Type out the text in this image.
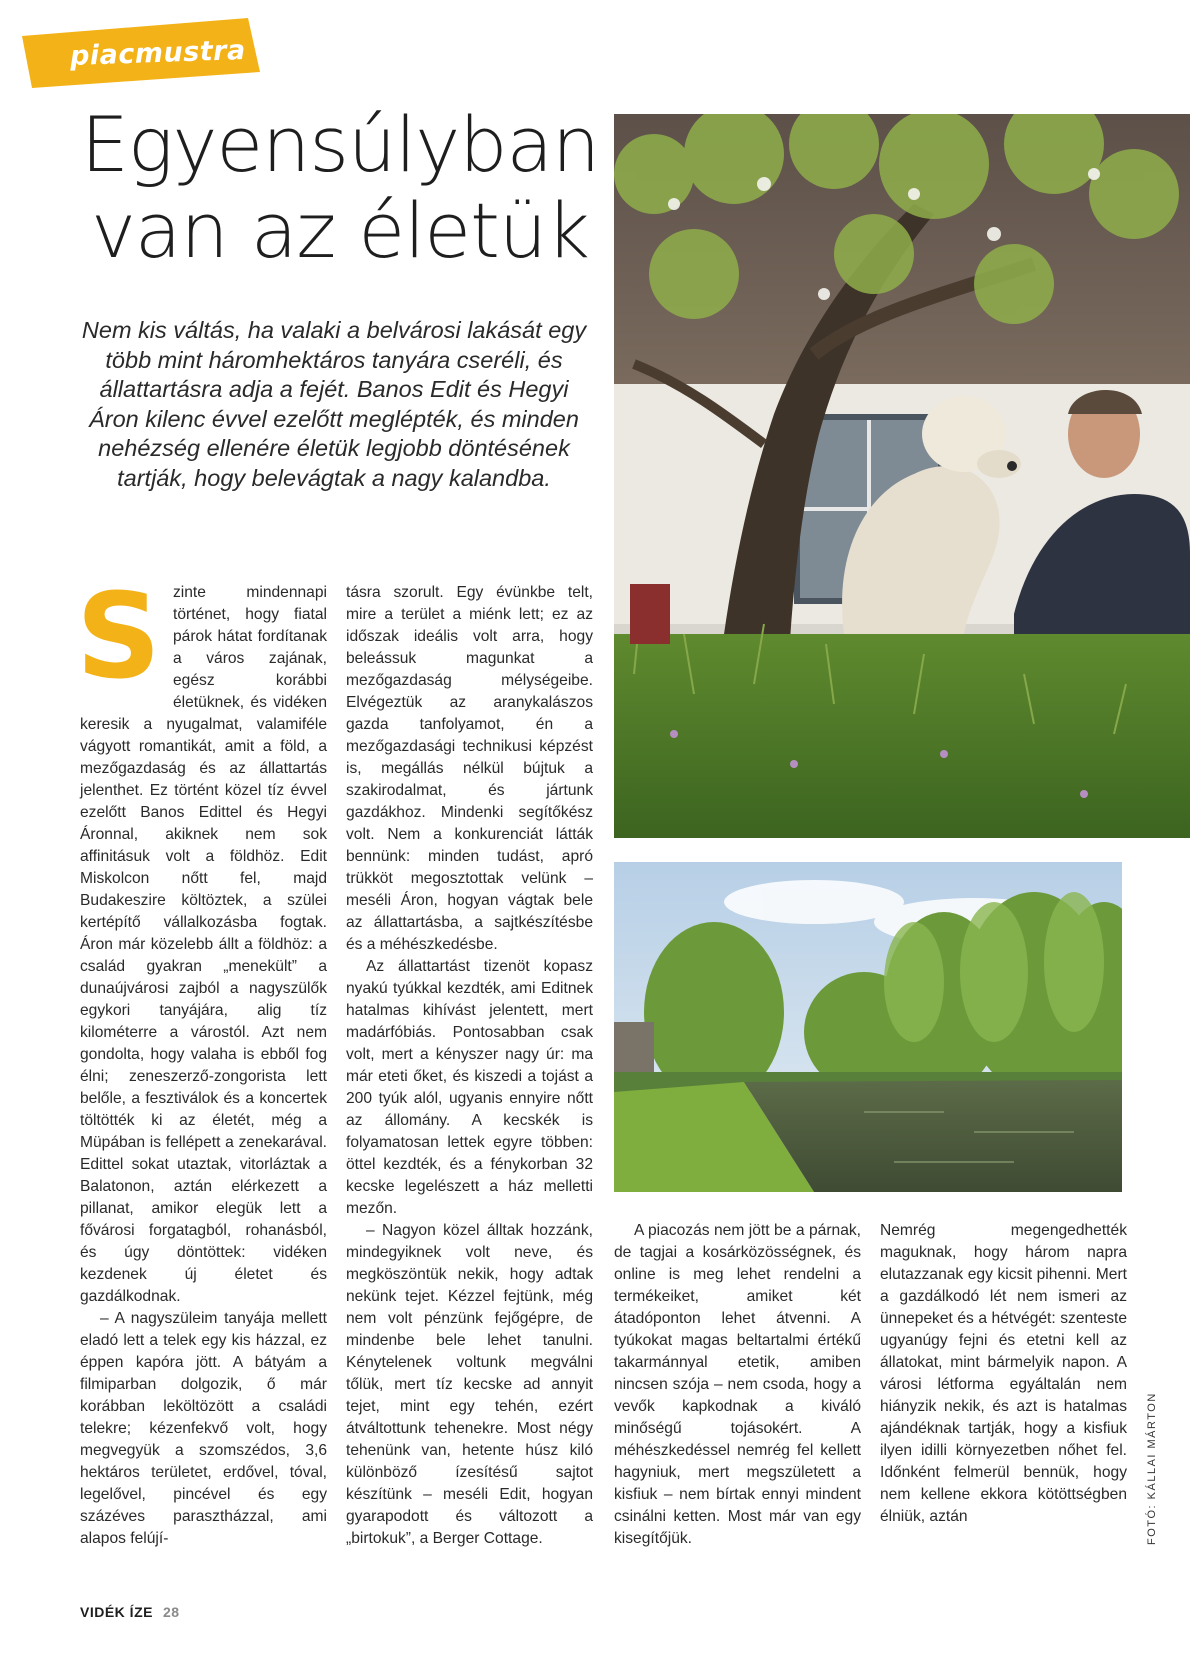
piacmustra
Egyensúlyban
van az életük

Nem kis váltás, ha valaki a belvárosi lakását egy több mint háromhektáros tanyára cseréli, és állattartásra adja a fejét. Banos Edit és Hegyi Áron kilenc évvel ezelőtt meglépték, és minden nehézség ellenére életük legjobb döntésének tartják, hogy belevágtak a nagy kalandba.

S zinte mindennapi történet, hogy fiatal párok hátat fordítanak a város zajának, egész korábbi életüknek, és vidéken keresik a nyugalmat, valamiféle vágyott romantikát, amit a föld, a mezőgazdaság és az állattartás jelenthet. Ez történt közel tíz évvel ezelőtt Banos Edittel és Hegyi Áronnal, akiknek nem sok affinitásuk volt a földhöz. Edit Miskolcon nőtt fel, majd Budakeszire költöztek, a szülei kertépítő vállalkozásba fogtak. Áron már közelebb állt a földhöz: a család gyakran „menekült” a dunaújvárosi zajból a nagyszülők egykori tanyájára, alig tíz kilométerre a várostól. Azt nem gondolta, hogy valaha is ebből fog élni; zeneszerző-zongorista lett belőle, a fesztiválok és a koncertek töltötték ki az életét, még a Müpában is fellépett a zenekarával. Edittel sokat utaztak, vitorláztak a Balatonon, aztán elérkezett a pillanat, amikor elegük lett a fővárosi forgatagból, rohanásból, és úgy döntöttek: vidéken kezdenek új életet és gazdálkodnak.

– A nagyszüleim tanyája mellett eladó lett a telek egy kis házzal, ez éppen kapóra jött. A bátyám a filmiparban dolgozik, ő már korábban leköltözött a családi telekre; kézenfekvő volt, hogy megvegyük a szomszédos, 3,6 hektáros területet, erdővel, tóval, legelővel, pincével és egy százéves parasztházzal, ami alapos felújí-

tásra szorult. Egy évünkbe telt, mire a terület a miénk lett; ez az időszak ideális volt arra, hogy beleássuk magunkat a mezőgazdaság mélységeibe. Elvégeztük az aranykalászos gazda tanfolyamot, én a mezőgazdasági technikusi képzést is, megállás nélkül bújtuk a szakirodalmat, és jártunk gazdákhoz. Mindenki segítőkész volt. Nem a konkurenciát látták bennünk: minden tudást, apró trükköt megosztottak velünk – meséli Áron, hogyan vágtak bele az állattartásba, a sajtkészítésbe és a méhészkedésbe.

Az állattartást tizenöt kopasz nyakú tyúkkal kezdték, ami Editnek hatalmas kihívást jelentett, mert madárfóbiás. Pontosabban csak volt, mert a kényszer nagy úr: ma már eteti őket, és kiszedi a tojást a 200 tyúk alól, ugyanis ennyire nőtt az állomány. A kecskék is folyamatosan lettek egyre többen: öttel kezdték, és a fénykorban 32 kecske legelészett a ház melletti mezőn.

– Nagyon közel álltak hozzánk, mindegyiknek volt neve, és megköszöntük nekik, hogy adtak nekünk tejet. Kézzel fejtünk, még nem volt pénzünk fejőgépre, de mindenbe bele lehet tanulni. Kénytelenek voltunk megválni tőlük, mert tíz kecske ad annyit tejet, mint egy tehén, ezért átváltottunk tehenekre. Most négy tehenünk van, hetente húsz kiló különböző ízesítésű sajtot készítünk – meséli Edit, hogyan gyarapodott és változott a „birtokuk”, a Berger Cottage.

A piacozás nem jött be a párnak, de tagjai a kosárközösségnek, és online is meg lehet rendelni a termékeiket, amiket két átadóponton lehet átvenni. A tyúkokat magas beltartalmi értékű takarmánnyal etetik, amiben nincsen szója – nem csoda, hogy a vevők kapkodnak a kiváló minőségű tojásokért. A méhészkedéssel nemrég fel kellett hagyniuk, mert megszületett a kisfiuk – nem bírtak ennyi mindent csinálni ketten. Most már van egy kisegítőjük.

Nemrég megengedhették maguknak, hogy három napra elutazzanak egy kicsit pihenni. Mert a gazdálkodó lét nem ismeri az ünnepeket és a hétvégét: szenteste ugyanúgy fejni és etetni kell az állatokat, mint bármelyik napon. A városi létforma egyáltalán nem hiányzik nekik, és azt is hatalmas ajándéknak tartják, hogy a kisfiuk ilyen idilli környezetben nőhet fel. Időnként felmerül bennük, hogy nem kellene ekkora kötöttségben élniük, aztán	FOTÓ: KÁLLAI MÁRTON
VIDÉK ÍZE 28
